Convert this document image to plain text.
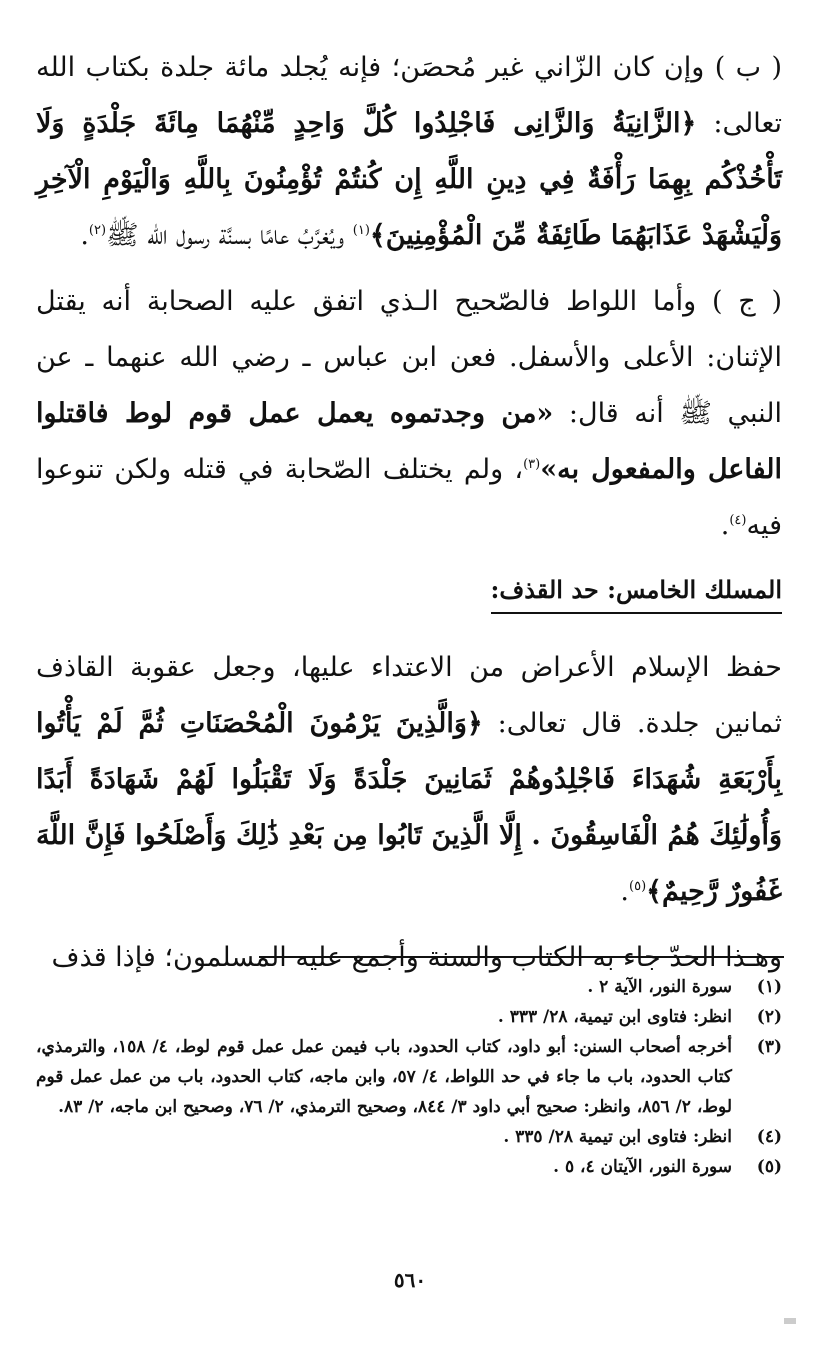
( ب ) وإن كان الزّاني غير مُحصَن؛ فإنه يُجلد مائة جلدة بكتاب الله تعالى: ﴿الزَّانِيَةُ وَالزَّانِى فَاجْلِدُوا كُلَّ وَاحِدٍ مِّنْهُمَا مِائَةَ جَلْدَةٍ وَلَا تَأْخُذْكُم بِهِمَا رَأْفَةٌ فِي دِينِ اللَّهِ إِن كُنتُمْ تُؤْمِنُونَ بِاللَّهِ وَالْيَوْمِ الْآخِرِ وَلْيَشْهَدْ عَذَابَهُمَا طَائِفَةٌ مِّنَ الْمُؤْمِنِينَ﴾$^{(١)}$ ويُغرَّبُ عامًا بسنَّة رسول الله ﷺ$^{(٢)}$.

( ج ) وأما اللواط فالصّحيح الـذي اتفق عليه الصحابة أنه يقتل الإثنان: الأعلى والأسفل. فعن ابن عباس ـ رضي الله عنهما ـ عن النبي ﷺ أنه قال: «من وجدتموه يعمل عمل قوم لوط فاقتلوا الفاعل والمفعول به»$^{(٣)}$، ولم يختلف الصّحابة في قتله ولكن تنوعوا فيه$^{(٤)}$.

المسلك الخامس: حد القذف:

حفظ الإسلام الأعراض من الاعتداء عليها، وجعل عقوبة القاذف ثمانين جلدة. قال تعالى: ﴿وَالَّذِينَ يَرْمُونَ الْمُحْصَنَاتِ ثُمَّ لَمْ يَأْتُوا بِأَرْبَعَةِ شُهَدَاءَ فَاجْلِدُوهُمْ ثَمَانِينَ جَلْدَةً وَلَا تَقْبَلُوا لَهُمْ شَهَادَةً أَبَدًا وَأُولَٰئِكَ هُمُ الْفَاسِقُونَ . إِلَّا الَّذِينَ تَابُوا مِن بَعْدِ ذَٰلِكَ وَأَصْلَحُوا فَإِنَّ اللَّهَ غَفُورٌ رَّحِيمٌ﴾$^{(٥)}$.

وهـذا الحدّ جاء به الكتاب والسنة وأجمع عليه المسلمون؛ فإذا قذف

(١)
سورة النور، الآية ٢ .
(٢)
انظر: فتاوى ابن تيمية، ٢٨/ ٣٣٣ .
(٣)
أخرجه أصحاب السنن: أبو داود، كتاب الحدود، باب فيمن عمل عمل قوم لوط، ٤/ ١٥٨، والترمذي، كتاب الحدود، باب ما جاء في حد اللواط، ٤/ ٥٧، وابن ماجه، كتاب الحدود، باب من عمل عمل قوم لوط، ٢/ ٨٥٦، وانظر: صحيح أبي داود ٣/ ٨٤٤، وصحيح الترمذي، ٢/ ٧٦، وصحيح ابن ماجه، ٢/ ٨٣.
(٤)
انظر: فتاوى ابن تيمية ٢٨/ ٣٣٥ .
(٥)
سورة النور، الآيتان ٤، ٥ .
٥٦٠
